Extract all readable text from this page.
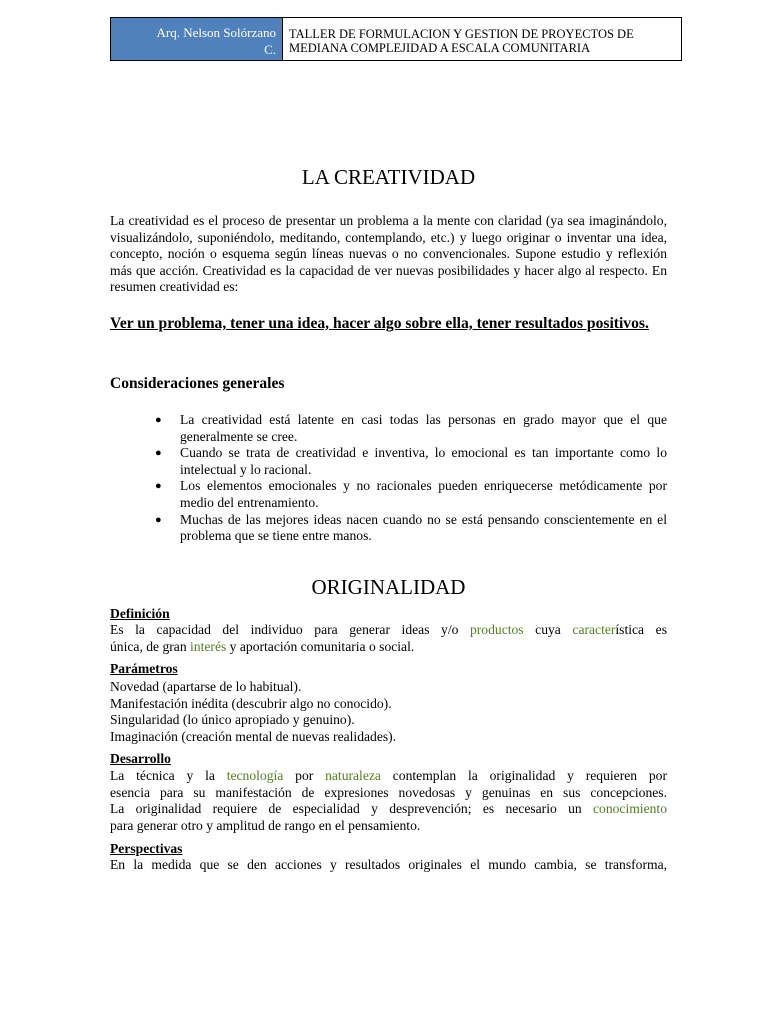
Arq. Nelson Solórzano
C.
TALLER DE FORMULACION Y GESTION DE PROYECTOS DE
MEDIANA COMPLEJIDAD A ESCALA COMUNITARIA
LA CREATIVIDAD
La creatividad es el proceso de presentar un problema a la mente con claridad (ya sea imaginándolo, visualizándolo, suponiéndolo, meditando, contemplando, etc.) y luego originar o inventar una idea, concepto, noción o esquema según líneas nuevas o no convencionales. Supone estudio y reflexión más que acción. Creatividad es la capacidad de ver nuevas posibilidades y hacer algo al respecto. En resumen creatividad es:
Ver un problema, tener una idea, hacer algo sobre ella, tener resultados positivos.
Consideraciones generales
● La creatividad está latente en casi todas las personas en grado mayor que el que generalmente se cree.
● Cuando se trata de creatividad e inventiva, lo emocional es tan importante como lo intelectual y lo racional.
● Los elementos emocionales y no racionales pueden enriquecerse metódicamente por medio del entrenamiento.
● Muchas de las mejores ideas nacen cuando no se está pensando conscientemente en el problema que se tiene entre manos.
ORIGINALIDAD
Definición
Es la capacidad del individuo para generar ideas y/o productos cuya característica es
única, de gran interés y aportación comunitaria o social.
Parámetros
Novedad (apartarse de lo habitual).
Manifestación inédita (descubrir algo no conocido).
Singularidad (lo único apropiado y genuino).
Imaginación (creación mental de nuevas realidades).
Desarrollo
La técnica y la tecnología por naturaleza contemplan la originalidad y requieren por
esencia para su manifestación de expresiones novedosas y genuinas en sus concepciones.
La originalidad requiere de especialidad y desprevención; es necesario un conocimiento
para generar otro y amplitud de rango en el pensamiento.
Perspectivas
En la medida que se den acciones y resultados originales el mundo cambia, se transforma,
